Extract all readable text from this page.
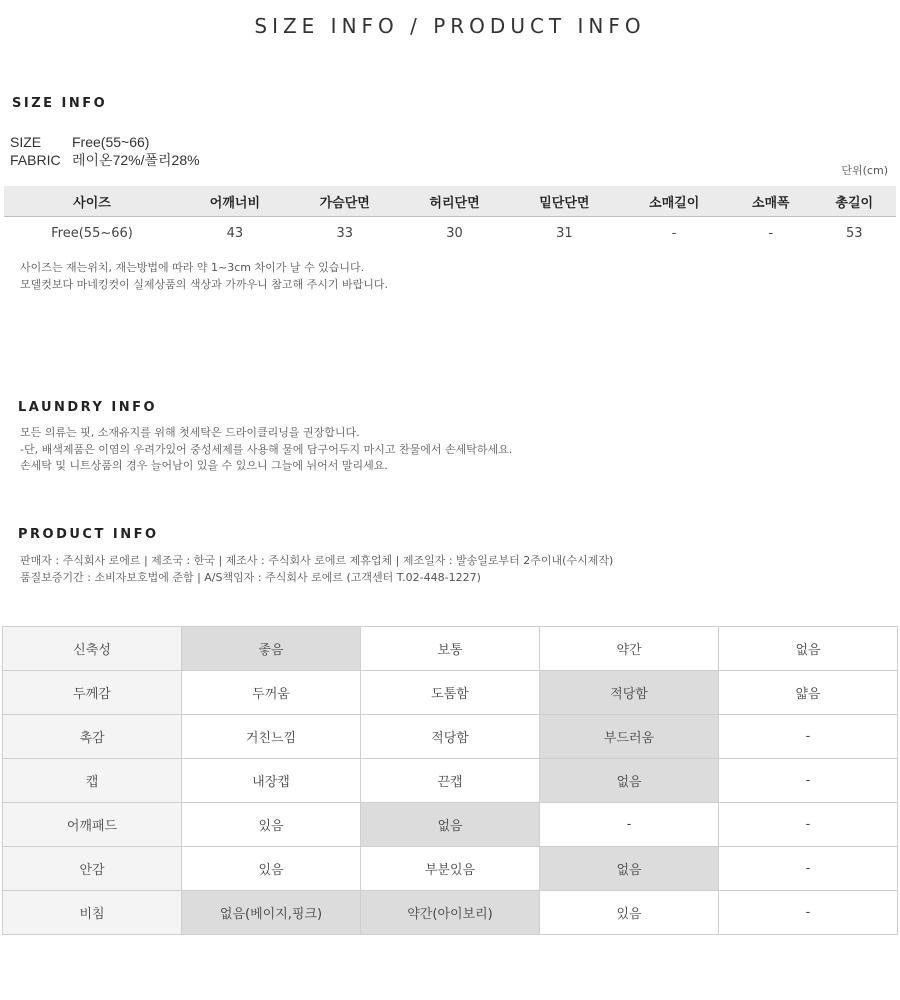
SIZE INFO / PRODUCT INFO
SIZE INFO
SIZE Free(55~66)
FABRIC 레이온72%/폴리28%
단위(cm)
사이즈	어깨너비	가슴단면	허리단면	밑단단면	소매길이	소매폭	총길이
Free(55~66)	43	33	30	31	-	-	53
사이즈는 재는위치, 재는방법에 따라 약 1~3cm 차이가 날 수 있습니다.
모델컷보다 마네킹컷이 실제상품의 색상과 가까우니 참고해 주시기 바랍니다.
LAUNDRY INFO
모든 의류는 핏, 소재유지를 위해 첫세탁은 드라이클리닝을 권장합니다.
-단, 배색제품은 이염의 우려가있어 중성세제를 사용해 물에 담구어두지 마시고 찬물에서 손세탁하세요.
손세탁 및 니트상품의 경우 늘어남이 있을 수 있으니 그늘에 뉘어서 말리세요.
PRODUCT INFO
판매자 : 주식회사 로에르 | 제조국 : 한국 | 제조사 : 주식회사 로에르 제휴업체 | 제조일자 : 발송일로부터 2주이내(수시제작)
품질보증기간 : 소비자보호법에 준함 | A/S책임자 : 주식회사 로에르 (고객센터 T.02-448-1227)
신축성	좋음	보통	약간	없음
두께감	두꺼움	도톰함	적당함	얇음
촉감	거친느낌	적당함	부드러움	-
캡	내장캡	끈캡	없음	-
어깨패드	있음	없음	-	-
안감	있음	부분있음	없음	-
비침	없음(베이지,핑크)	약간(아이보리)	있음	-
